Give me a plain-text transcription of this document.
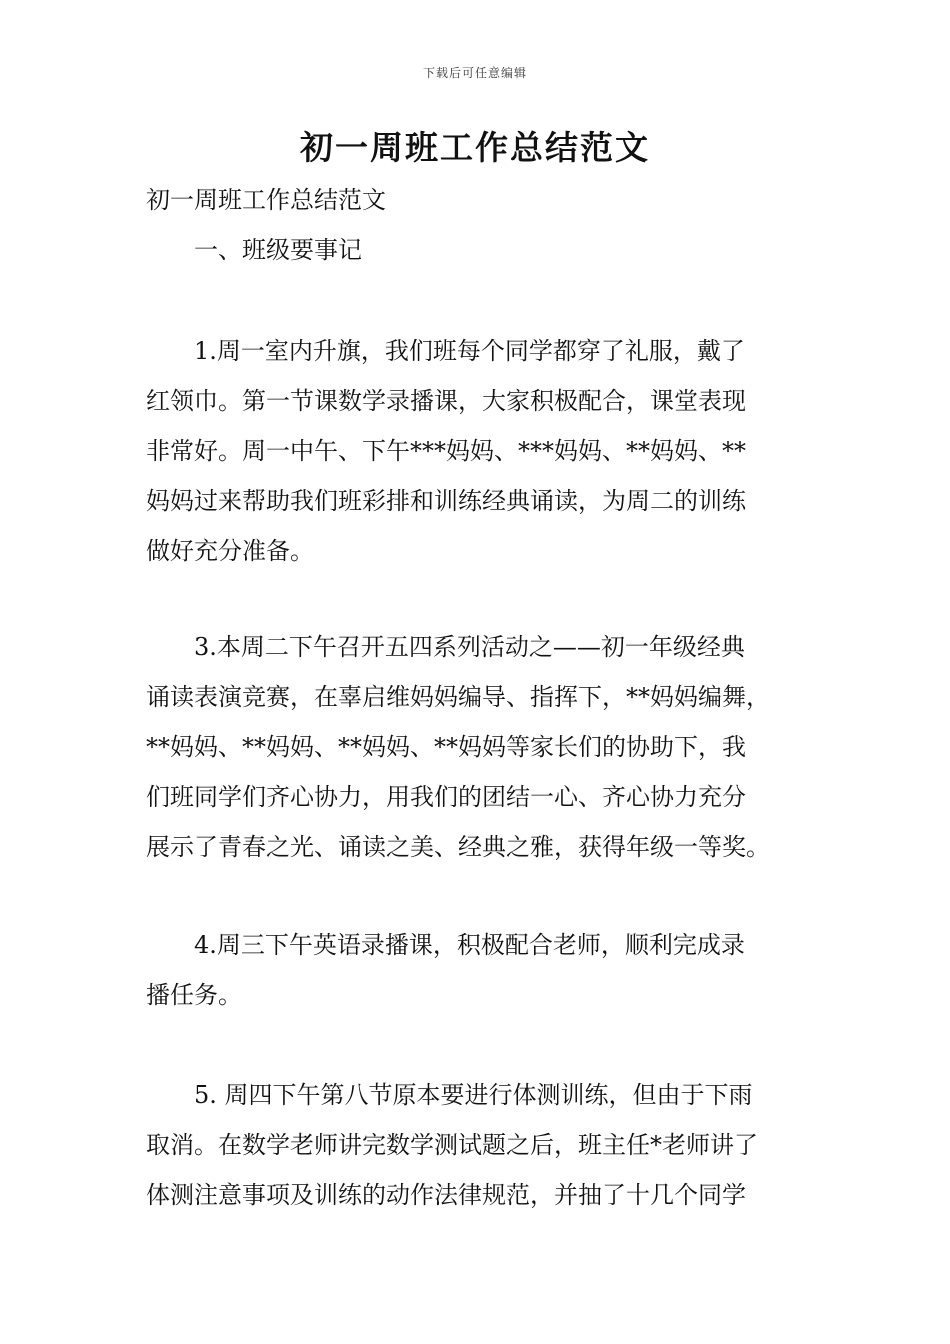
下载后可任意编辑
初一周班工作总结范文

初一周班工作总结范文

一、班级要事记

1.周一室内升旗，我们班每个同学都穿了礼服，戴了
红领巾。第一节课数学录播课，大家积极配合，课堂表现
非常好。周一中午、下午***妈妈、***妈妈、**妈妈、**
妈妈过来帮助我们班彩排和训练经典诵读，为周二的训练
做好充分准备。
3.本周二下午召开五四系列活动之——初一年级经典
诵读表演竞赛，在辜启维妈妈编导、指挥下，**妈妈编舞，
**妈妈、**妈妈、**妈妈、**妈妈等家长们的协助下，我
们班同学们齐心协力，用我们的团结一心、齐心协力充分
展示了青春之光、诵读之美、经典之雅，获得年级一等奖。
4.周三下午英语录播课，积极配合老师，顺利完成录
播任务。
5. 周四下午第八节原本要进行体测训练，但由于下雨
取消。在数学老师讲完数学测试题之后，班主任*老师讲了
体测注意事项及训练的动作法律规范，并抽了十几个同学
